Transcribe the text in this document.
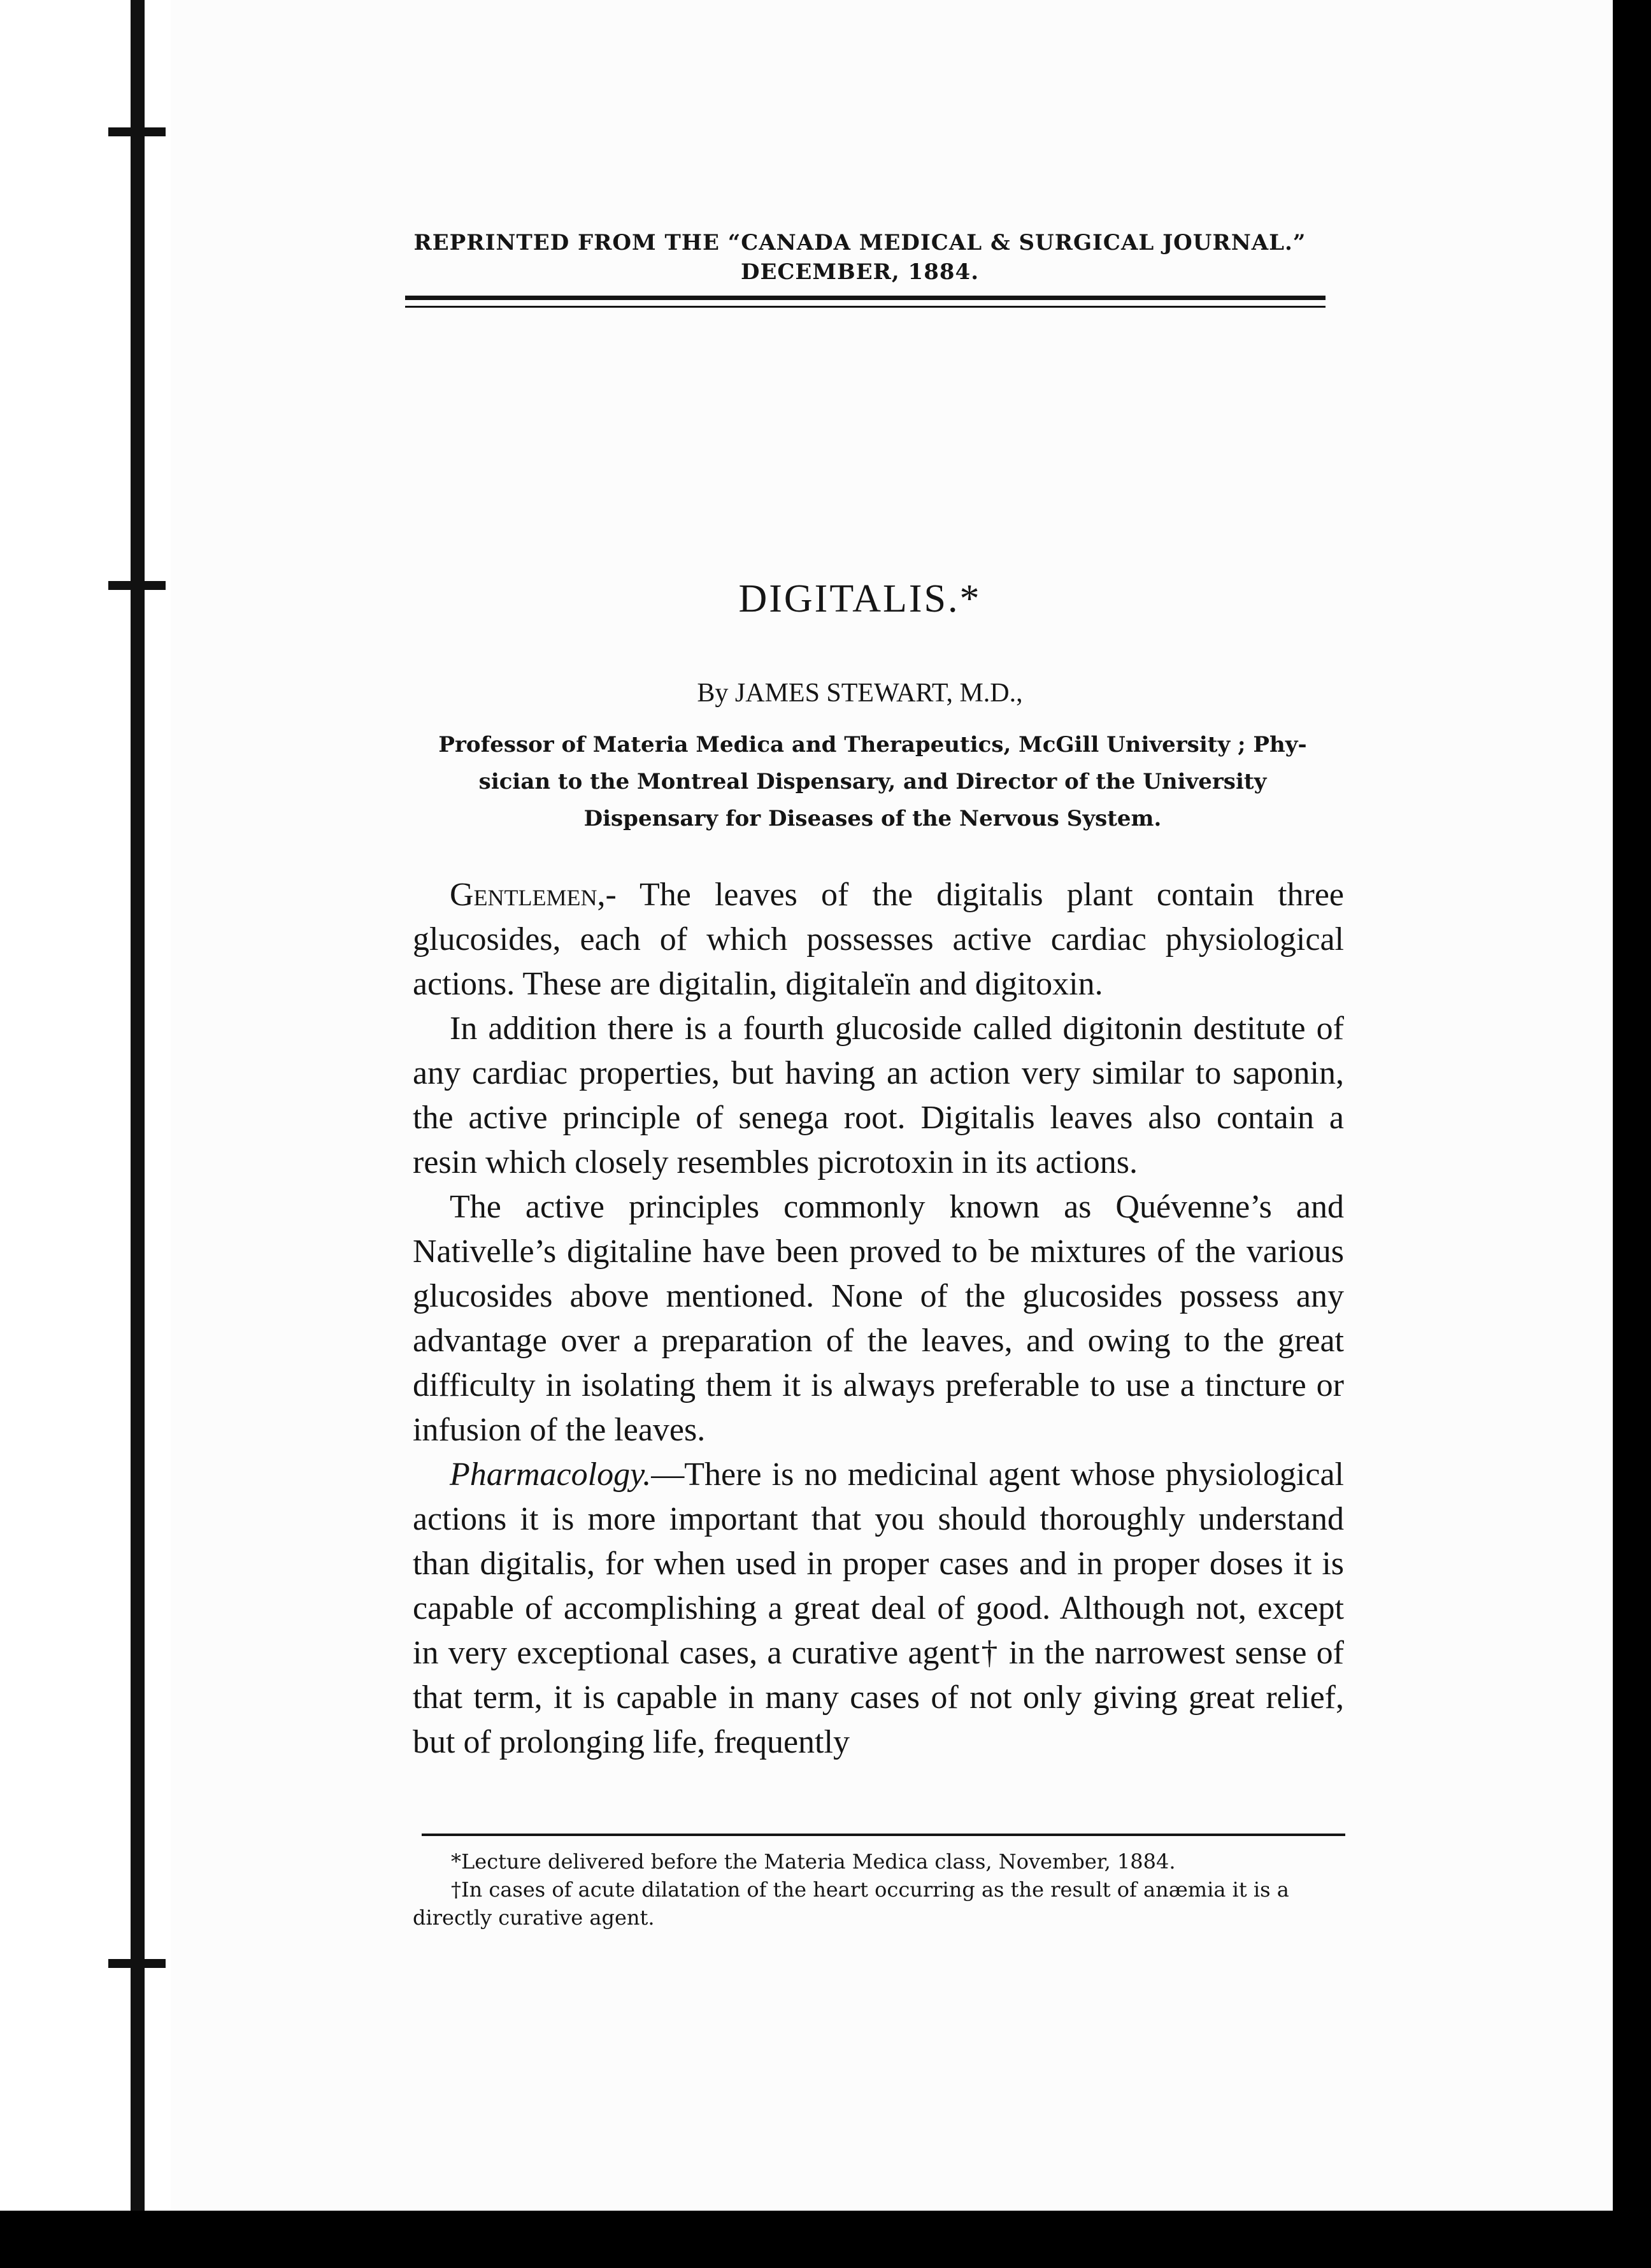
REPRINTED FROM THE “CANADA MEDICAL & SURGICAL JOURNAL.”
DECEMBER, 1884.
DIGITALIS.*
By JAMES STEWART, M.D.,
Professor of Materia Medica and Therapeutics, McGill University ; Phy-
sician to the Montreal Dispensary, and Director of the University
Dispensary for Diseases of the Nervous System.

Gentlemen,- The leaves of the digitalis plant contain three glucosides, each of which possesses active cardiac physiological actions. These are digitalin, digitaleïn and digitoxin.

In addition there is a fourth glucoside called digitonin destitute of any cardiac properties, but having an action very similar to saponin, the active principle of senega root. Digitalis leaves also contain a resin which closely resembles picrotoxin in its actions.

The active principles commonly known as Quévenne’s and Nativelle’s digitaline have been proved to be mixtures of the various glucosides above mentioned. None of the glucosides possess any advantage over a preparation of the leaves, and owing to the great difficulty in isolating them it is always preferable to use a tincture or infusion of the leaves.

Pharmacology.—There is no medicinal agent whose physiological actions it is more important that you should thoroughly understand than digitalis, for when used in proper cases and in proper doses it is capable of accomplishing a great deal of good. Although not, except in very exceptional cases, a curative agent† in the narrowest sense of that term, it is capable in many cases of not only giving great relief, but of prolonging life, frequently

*Lecture delivered before the Materia Medica class, November, 1884.

†In cases of acute dilatation of the heart occurring as the result of anæmia it is a directly curative agent.
